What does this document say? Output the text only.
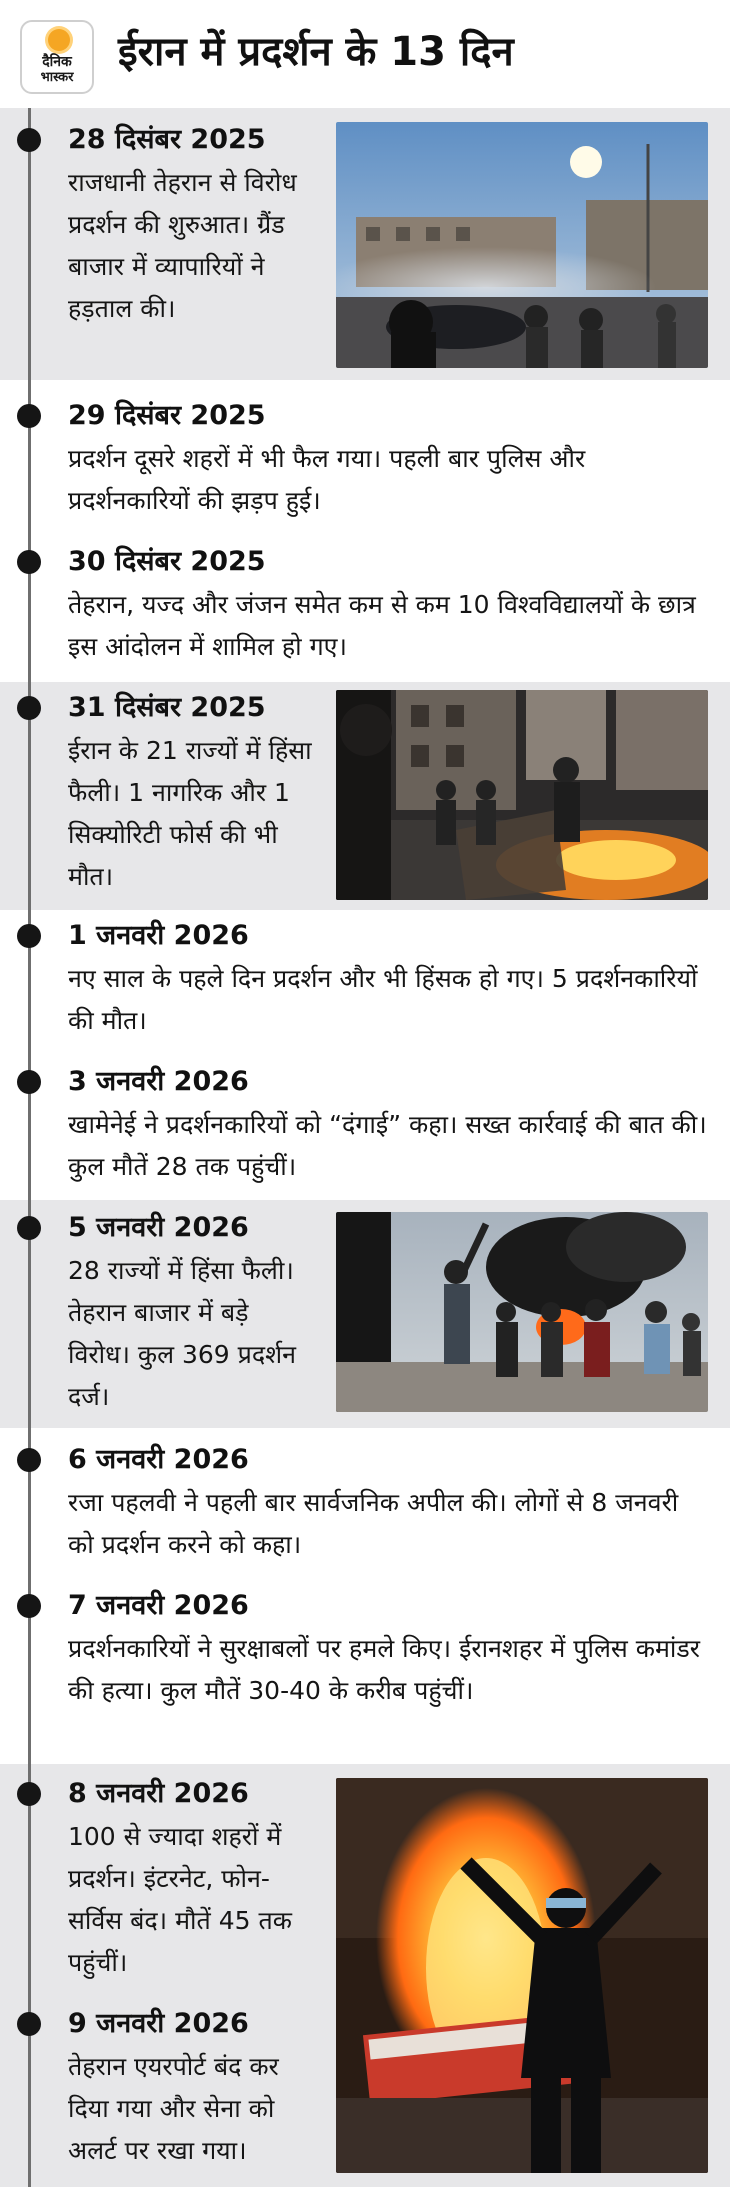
दैनिक
भास्कर
ईरान में प्रदर्शन के 13 दिन
28 दिसंबर 2025
राजधानी तेहरान से विरोध प्रदर्शन की शुरुआत। ग्रैंड बाजार में व्यापारियों ने हड़ताल की।
29 दिसंबर 2025
प्रदर्शन दूसरे शहरों में भी फैल गया। पहली बार पुलिस और प्रदर्शनकारियों की झड़प हुई।
30 दिसंबर 2025
तेहरान, यज्द और जंजन समेत कम से कम 10 विश्वविद्यालयों के छात्र इस आंदोलन में शामिल हो गए।
31 दिसंबर 2025
ईरान के 21 राज्यों में हिंसा फैली। 1 नागरिक और 1 सिक्योरिटी फोर्स की भी मौत।
1 जनवरी 2026
नए साल के पहले दिन प्रदर्शन और भी हिंसक हो गए। 5 प्रदर्शनकारियों की मौत।
3 जनवरी 2026
खामेनेई ने प्रदर्शनकारियों को “दंगाई” कहा। सख्त कार्रवाई की बात की। कुल मौतें 28 तक पहुंचीं।
5 जनवरी 2026
28 राज्यों में हिंसा फैली। तेहरान बाजार में बड़े विरोध। कुल 369 प्रदर्शन दर्ज।
6 जनवरी 2026
रजा पहलवी ने पहली बार सार्वजनिक अपील की। लोगों से 8 जनवरी को प्रदर्शन करने को कहा।
7 जनवरी 2026
प्रदर्शनकारियों ने सुरक्षाबलों पर हमले किए। ईरानशहर में पुलिस कमांडर की हत्या। कुल मौतें 30-40 के करीब पहुंचीं।
8 जनवरी 2026
100 से ज्यादा शहरों में प्रदर्शन। इंटरनेट, फोन-सर्विस बंद। मौतें 45 तक पहुंचीं।
9 जनवरी 2026
तेहरान एयरपोर्ट बंद कर दिया गया और सेना को अलर्ट पर रखा गया।
